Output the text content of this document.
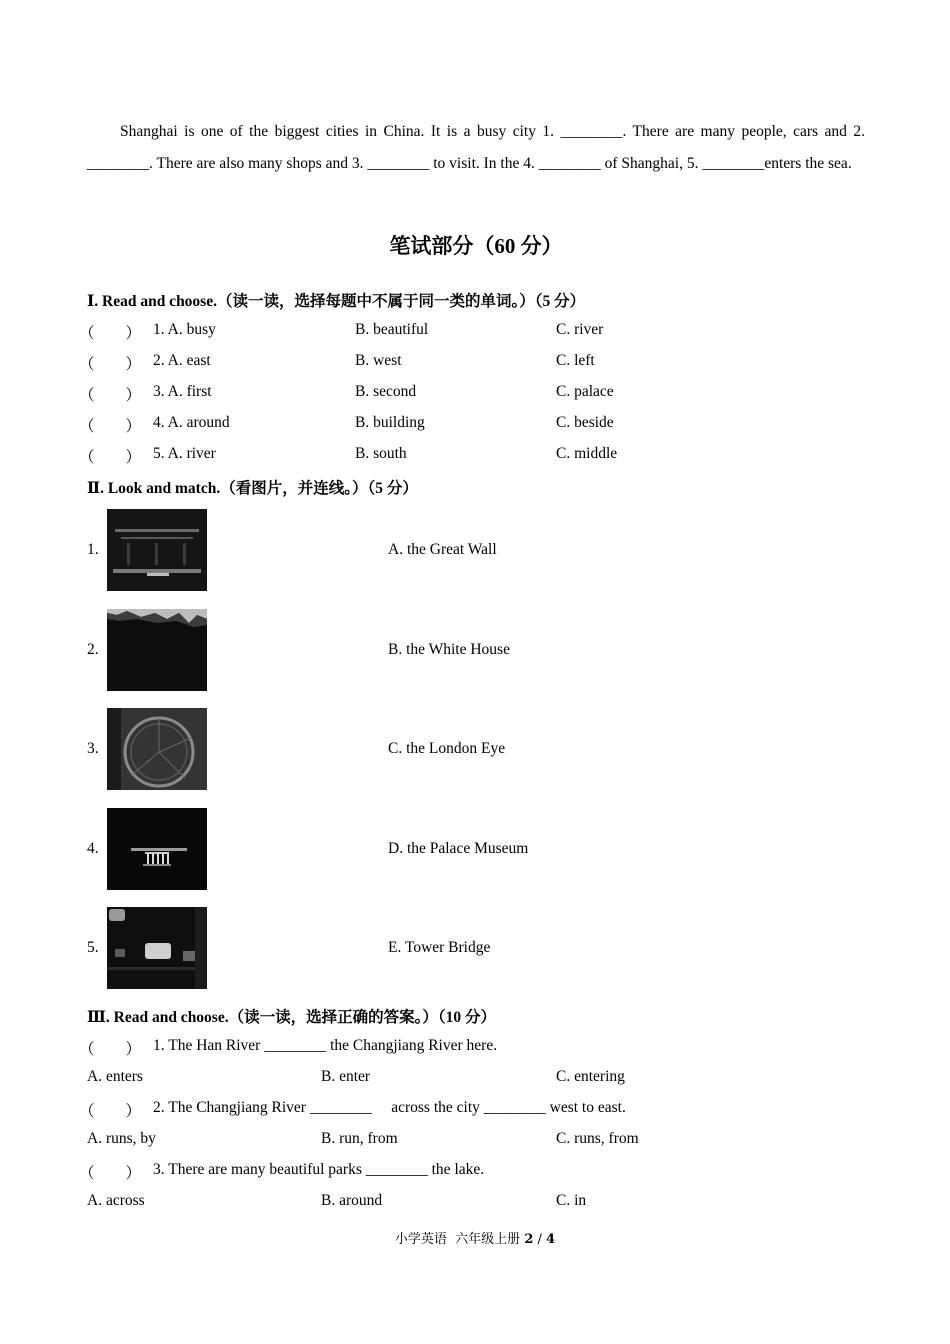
Shanghai is one of the biggest cities in China. It is a busy city 1. ________. There are many people, cars and 2. ________. There are also many shops and 3. ________ to visit. In the 4. ________ of Shanghai, 5. ________enters the sea.

笔试部分（60 分）
Ⅰ. Read and choose.（读一读，选择每题中不属于同一类的单词。）（5 分）
（　　） 1. A. busy	B. beautiful	C. river
（　　） 2. A. east	B. west	C. left
（　　） 3. A. first	B. second	C. palace
（　　） 4. A. around	B. building	C. beside
（　　） 5. A. river	B. south	C. middle
Ⅱ. Look and match.（看图片，并连线。）（5 分）
1.	A. the Great Wall
2.	B. the White House
3.	C. the London Eye
4.	D. the Palace Museum
5.	E. Tower Bridge
Ⅲ. Read and choose.（读一读，选择正确的答案。）（10 分）
（　　） 1. The Han River ________ the Changjiang River here.
A. enters	B. enter	C. entering
（　　） 2. The Changjiang River ________     across the city ________ west to east.
A. runs, by	B. run, from	C. runs, from
（　　） 3. There are many beautiful parks ________ the lake.
A. across	B. around	C. in
小学英语  六年级上册 2 / 4
